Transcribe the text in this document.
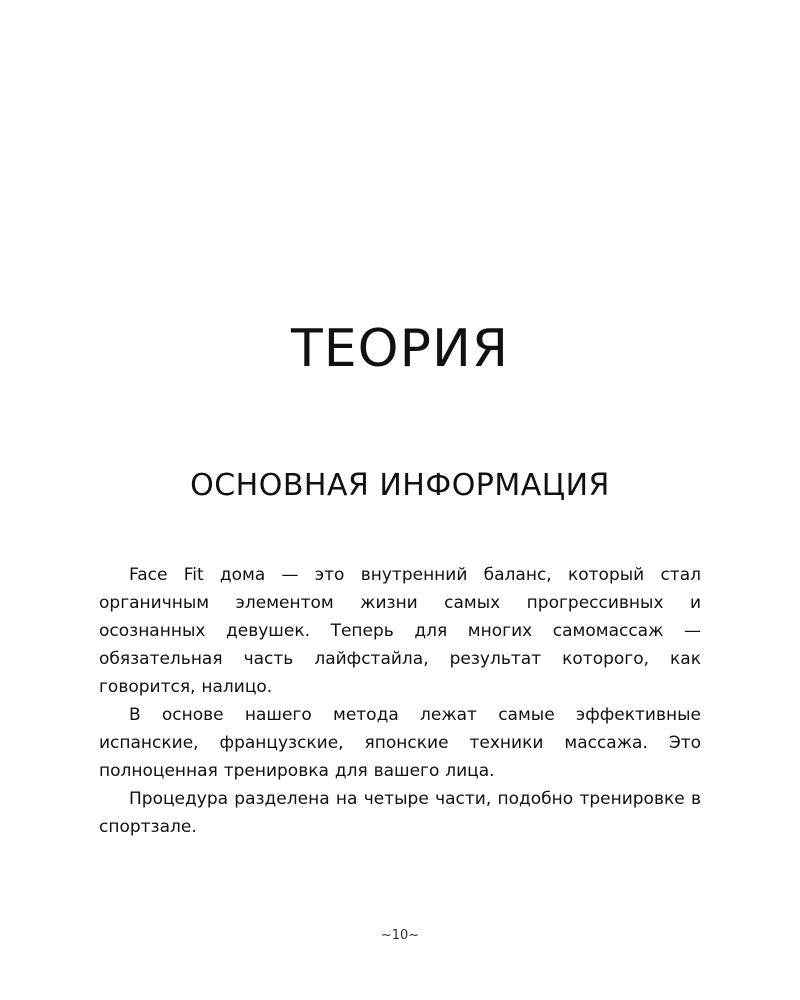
ТЕОРИЯ
ОСНОВНАЯ ИНФОРМАЦИЯ

Face Fit дома — это внутренний баланс, который стал органичным элементом жизни самых прогрессивных и осознанных девушек. Теперь для многих самомассаж — обязательная часть лайфстайла, результат которого, как говорится, налицо.

В основе нашего метода лежат самые эффективные испанские, французские, японские техники массажа. Это полноценная тренировка для вашего лица.

Процедура разделена на четыре части, подобно тренировке в спортзале.

~10~
